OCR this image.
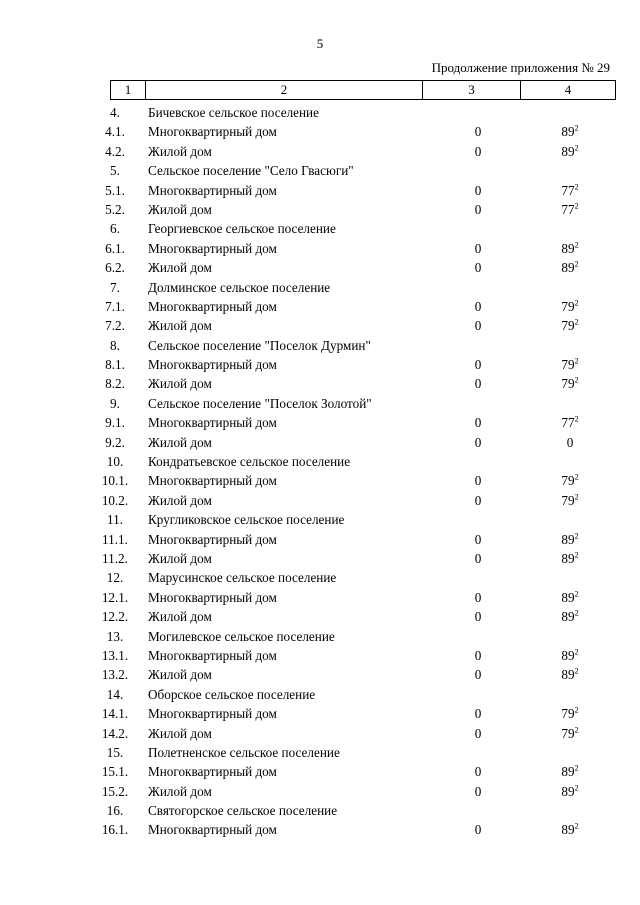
5
Продолжение приложения № 29
1	2	3	4
4.	Бичевское сельское поселение
4.1.	Многоквартирный дом	0	$89^2$
4.2.	Жилой дом	0	$89^2$
5.	Сельское поселение "Село Гвасюги"
5.1.	Многоквартирный дом	0	$77^2$
5.2.	Жилой дом	0	$77^2$
6.	Георгиевское сельское поселение
6.1.	Многоквартирный дом	0	$89^2$
6.2.	Жилой дом	0	$89^2$
7.	Долминское сельское поселение
7.1.	Многоквартирный дом	0	$79^2$
7.2.	Жилой дом	0	$79^2$
8.	Сельское поселение "Поселок Дурмин"
8.1.	Многоквартирный дом	0	$79^2$
8.2.	Жилой дом	0	$79^2$
9.	Сельское поселение "Поселок Золотой"
9.1.	Многоквартирный дом	0	$77^2$
9.2.	Жилой дом	0	0
10.	Кондратьевское сельское поселение
10.1.	Многоквартирный дом	0	$79^2$
10.2.	Жилой дом	0	$79^2$
11.	Кругликовское сельское поселение
11.1.	Многоквартирный дом	0	$89^2$
11.2.	Жилой дом	0	$89^2$
12.	Марусинское сельское поселение
12.1.	Многоквартирный дом	0	$89^2$
12.2.	Жилой дом	0	$89^2$
13.	Могилевское сельское поселение
13.1.	Многоквартирный дом	0	$89^2$
13.2.	Жилой дом	0	$89^2$
14.	Оборское сельское поселение
14.1.	Многоквартирный дом	0	$79^2$
14.2.	Жилой дом	0	$79^2$
15.	Полетненское сельское поселение
15.1.	Многоквартирный дом	0	$89^2$
15.2.	Жилой дом	0	$89^2$
16.	Святогорское сельское поселение
16.1.	Многоквартирный дом	0	$89^2$
